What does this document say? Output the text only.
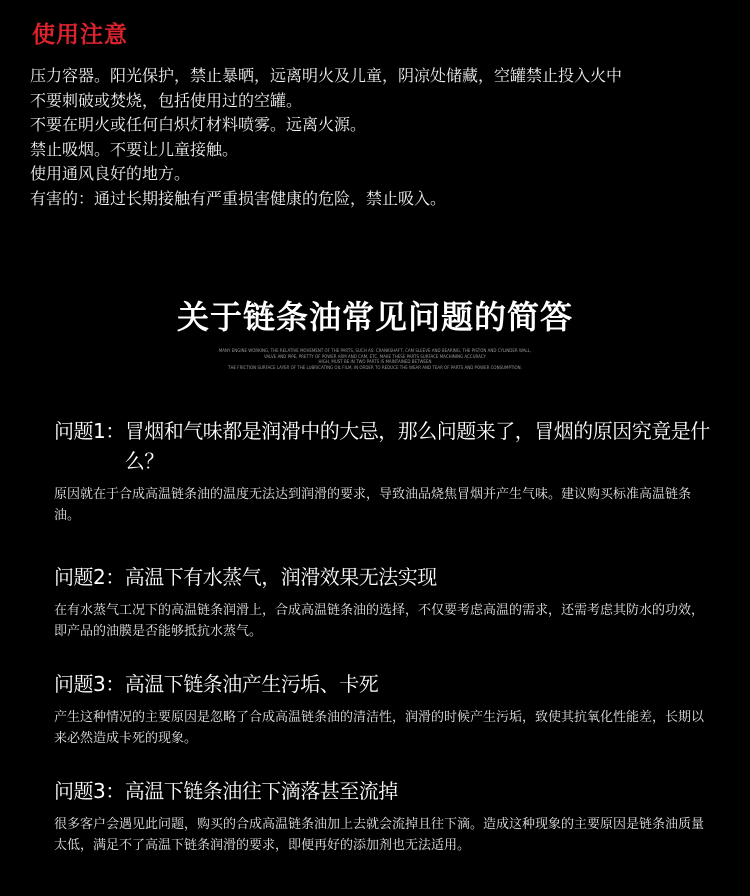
使用注意
压力容器。阳光保护，禁止暴晒，远离明火及儿童，阴凉处储藏，空罐禁止投入火中
不要刺破或焚烧，包括使用过的空罐。
不要在明火或任何白炽灯材料喷雾。远离火源。
禁止吸烟。不要让儿童接触。
使用通风良好的地方。
有害的：通过长期接触有严重损害健康的危险，禁止吸入。
关于链条油常见问题的简答
MANY ENGINE WORKING, THE RELATIVE MOVEMENT OF THE PARTS, SUCH AS: CRANKSHAFT, CAM SLEEVE AND BEARING, THE PISTON AND CYLINDER WALL,
VALVE AND PIPE, PRETTY OF POWER ARM AND CAM, ETC. MAKE THESE PARTS SURFACE MACHINING ACCURACY
HIGH, MUST BE IN TWO PARTS IS MAINTAINED BETWEEN
THE FRICTION SURFACE LAYER OF THE LUBRICATING OIL FILM, IN ORDER TO REDUCE THE WEAR AND TEAR OF PARTS AND POWER CONSUMPTION.
问题1： 冒烟和气味都是润滑中的大忌，那么问题来了，冒烟的原因究竟是什么？
原因就在于合成高温链条油的温度无法达到润滑的要求，导致油品烧焦冒烟并产生气味。建议购买标准高温链条油。
问题2： 高温下有水蒸气，润滑效果无法实现
在有水蒸气工况下的高温链条润滑上，合成高温链条油的选择，不仅要考虑高温的需求，还需考虑其防水的功效，即产品的油膜是否能够抵抗水蒸气。
问题3： 高温下链条油产生污垢、卡死
产生这种情况的主要原因是忽略了合成高温链条油的清洁性，润滑的时候产生污垢，致使其抗氧化性能差，长期以来必然造成卡死的现象。
问题3： 高温下链条油往下滴落甚至流掉
很多客户会遇见此问题，购买的合成高温链条油加上去就会流掉且往下滴。造成这种现象的主要原因是链条油质量太低，满足不了高温下链条润滑的要求，即便再好的添加剂也无法适用。
